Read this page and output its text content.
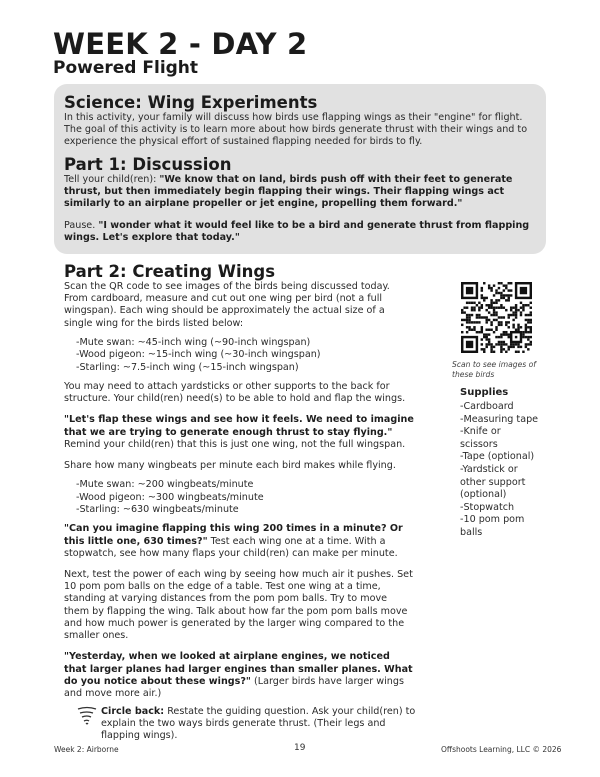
WEEK 2 - DAY 2
Powered Flight

Science: Wing Experiments

In this activity, your family will discuss how birds use flapping wings as their "engine" for flight. The goal of this activity is to learn more about how birds generate thrust with their wings and to experience the physical effort of sustained flapping needed for birds to fly.

Part 1: Discussion

Tell your child(ren): "We know that on land, birds push off with their feet to generate thrust, but then immediately begin flapping their wings. Their flapping wings act similarly to an airplane propeller or jet engine, propelling them forward."

Pause. "I wonder what it would feel like to be a bird and generate thrust from flapping wings. Let's explore that today."

Part 2: Creating Wings

Scan the QR code to see images of the birds being discussed today. From cardboard, measure and cut out one wing per bird (not a full wingspan). Each wing should be approximately the actual size of a single wing for the birds listed below:

-Mute swan: ~45-inch wing (~90-inch wingspan)

-Wood pigeon: ~15-inch wing (~30-inch wingspan)

-Starling: ~7.5-inch wing (~15-inch wingspan)

You may need to attach yardsticks or other supports to the back for structure. Your child(ren) need(s) to be able to hold and flap the wings.

"Let's flap these wings and see how it feels. We need to imagine that we are trying to generate enough thrust to stay flying." Remind your child(ren) that this is just one wing, not the full wingspan.

Share how many wingbeats per minute each bird makes while flying.

-Mute swan: ~200 wingbeats/minute

-Wood pigeon: ~300 wingbeats/minute

-Starling: ~630 wingbeats/minute

"Can you imagine flapping this wing 200 times in a minute? Or this little one, 630 times?" Test each wing one at a time. With a stopwatch, see how many flaps your child(ren) can make per minute.

Next, test the power of each wing by seeing how much air it pushes. Set 10 pom pom balls on the edge of a table. Test one wing at a time, standing at varying distances from the pom pom balls. Try to move them by flapping the wing. Talk about how far the pom pom balls move and how much power is generated by the larger wing compared to the smaller ones.

"Yesterday, when we looked at airplane engines, we noticed that larger planes had larger engines than smaller planes. What do you notice about these wings?" (Larger birds have larger wings and move more air.)

Circle back: Restate the guiding question. Ask your child(ren) to explain the two ways birds generate thrust. (Their legs and flapping wings).

Scan to see images of these birds

Supplies

-Cardboard
-Measuring tape
-Knife or
scissors
-Tape (optional)
-Yardstick or
other support
(optional)
-Stopwatch
-10 pom pom
balls
Week 2: Airborne	19	Offshoots Learning, LLC © 2026
